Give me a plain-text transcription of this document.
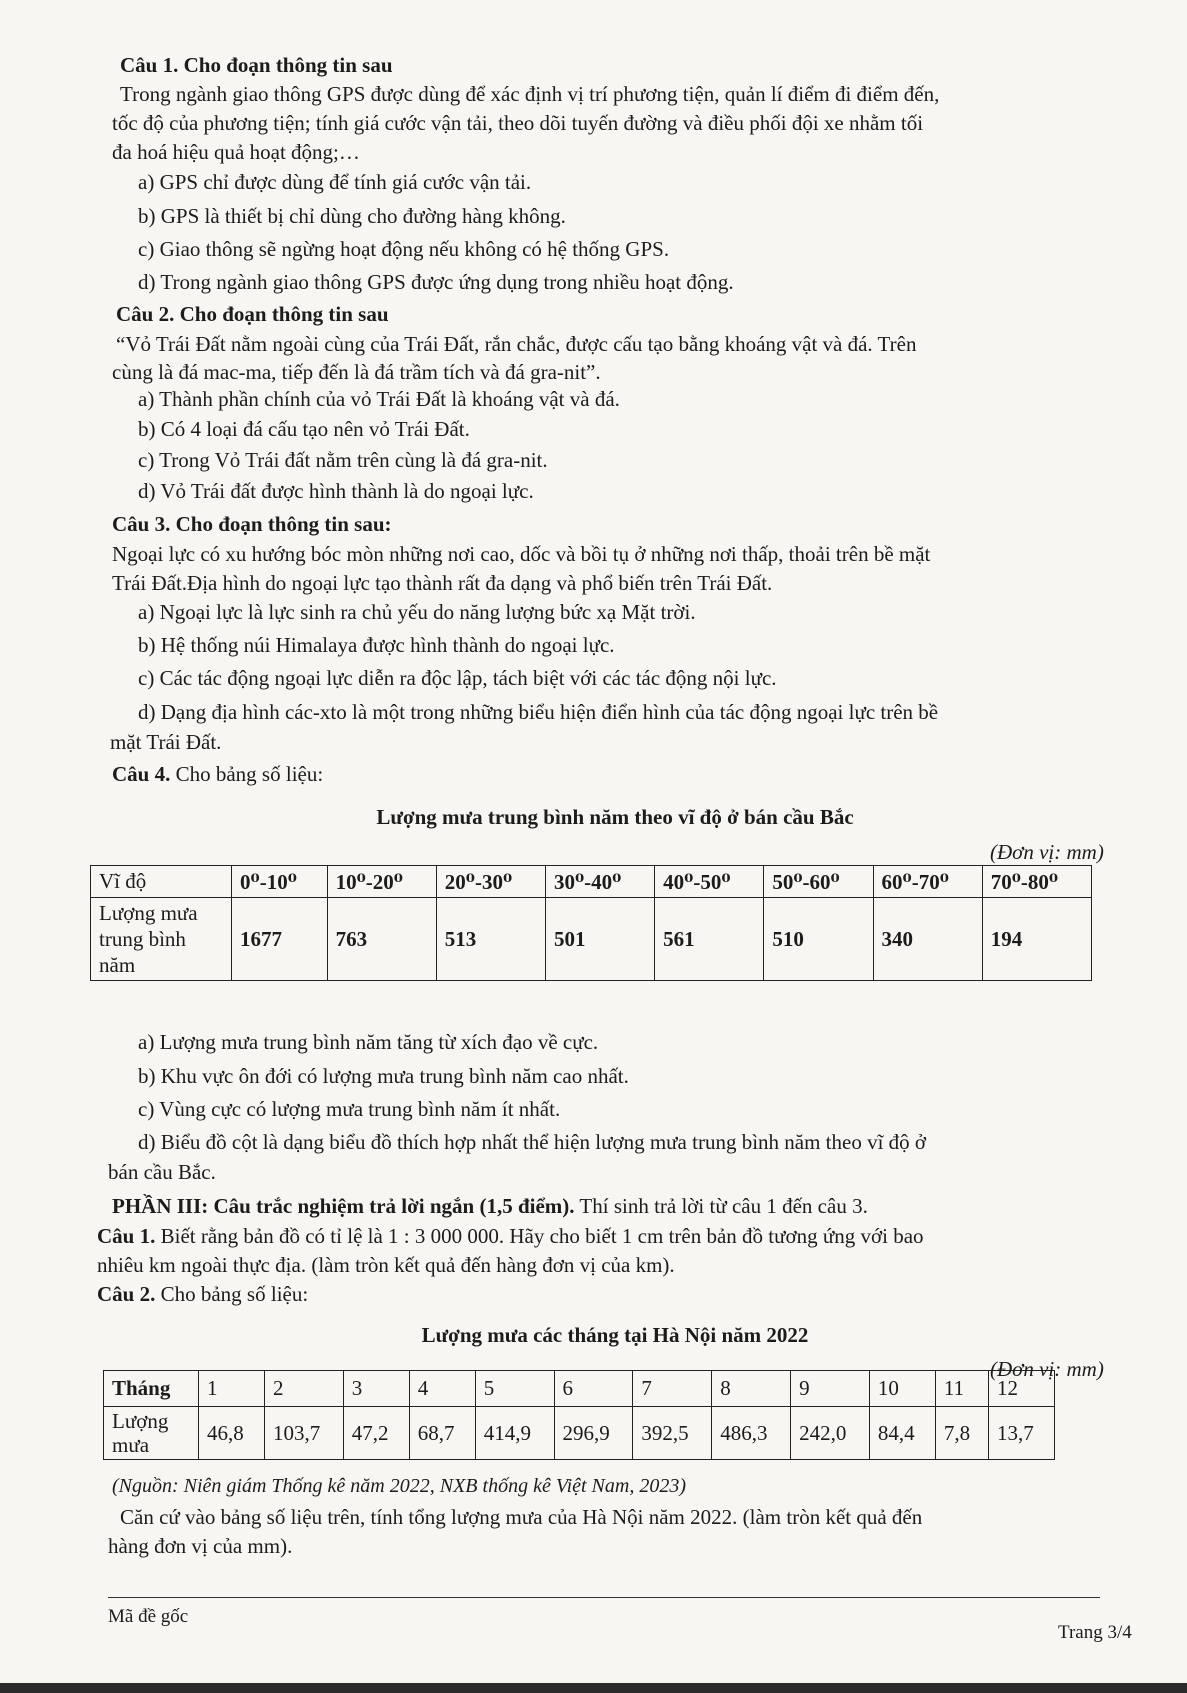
Câu 1. Cho đoạn thông tin sau
Trong ngành giao thông GPS được dùng để xác định vị trí phương tiện, quản lí điểm đi điểm đến,
tốc độ của phương tiện; tính giá cước vận tải, theo dõi tuyến đường và điều phối đội xe nhằm tối
đa hoá hiệu quả hoạt động;…
a) GPS chỉ được dùng để tính giá cước vận tải.
b) GPS là thiết bị chỉ dùng cho đường hàng không.
c) Giao thông sẽ ngừng hoạt động nếu không có hệ thống GPS.
d) Trong ngành giao thông GPS được ứng dụng trong nhiều hoạt động.
Câu 2. Cho đoạn thông tin sau
“Vỏ Trái Đất nằm ngoài cùng của Trái Đất, rắn chắc, được cấu tạo bằng khoáng vật và đá. Trên
cùng là đá mac-ma, tiếp đến là đá trầm tích và đá gra-nit”.
a) Thành phần chính của vỏ Trái Đất là khoáng vật và đá.
b) Có 4 loại đá cấu tạo nên vỏ Trái Đất.
c) Trong Vỏ Trái đất nằm trên cùng là đá gra-nit.
d) Vỏ Trái đất được hình thành là do ngoại lực.
Câu 3. Cho đoạn thông tin sau:
Ngoại lực có xu hướng bóc mòn những nơi cao, dốc và bồi tụ ở những nơi thấp, thoải trên bề mặt
Trái Đất.Địa hình do ngoại lực tạo thành rất đa dạng và phổ biến trên Trái Đất.
a) Ngoại lực là lực sinh ra chủ yếu do năng lượng bức xạ Mặt trời.
b) Hệ thống núi Himalaya được hình thành do ngoại lực.
c) Các tác động ngoại lực diễn ra độc lập, tách biệt với các tác động nội lực.
d) Dạng địa hình các-xto là một trong những biểu hiện điển hình của tác động ngoại lực trên bề
mặt Trái Đất.
Câu 4. Cho bảng số liệu:
Lượng mưa trung bình năm theo vĩ độ ở bán cầu Bắc
(Đơn vị: mm)
Vĩ độ	0⁰-10⁰	10⁰-20⁰	20⁰-30⁰	30⁰-40⁰	40⁰-50⁰	50⁰-60⁰	60⁰-70⁰	70⁰-80⁰

Lượng mưa
trung bình
năm	1677	763	513	501	561	510	340	194
a) Lượng mưa trung bình năm tăng từ xích đạo về cực.
b) Khu vực ôn đới có lượng mưa trung bình năm cao nhất.
c) Vùng cực có lượng mưa trung bình năm ít nhất.
d) Biểu đồ cột là dạng biểu đồ thích hợp nhất thể hiện lượng mưa trung bình năm theo vĩ độ ở
bán cầu Bắc.
PHẦN III: Câu trắc nghiệm trả lời ngắn (1,5 điểm). Thí sinh trả lời từ câu 1 đến câu 3.
Câu 1. Biết rằng bản đồ có tỉ lệ là 1 : 3 000 000. Hãy cho biết 1 cm trên bản đồ tương ứng với bao
nhiêu km ngoài thực địa. (làm tròn kết quả đến hàng đơn vị của km).
Câu 2. Cho bảng số liệu:
Lượng mưa các tháng tại Hà Nội năm 2022
(Đơn vị: mm)
Tháng	1	2	3	4	5	6	7	8	9	10	11	12

Lượng
mưa	46,8	103,7	47,2	68,7	414,9	296,9	392,5	486,3	242,0	84,4	7,8	13,7
(Nguồn: Niên giám Thống kê năm 2022, NXB thống kê Việt Nam, 2023)
Căn cứ vào bảng số liệu trên, tính tổng lượng mưa của Hà Nội năm 2022. (làm tròn kết quả đến
hàng đơn vị của mm).
Mã đề gốc
Trang 3/4
